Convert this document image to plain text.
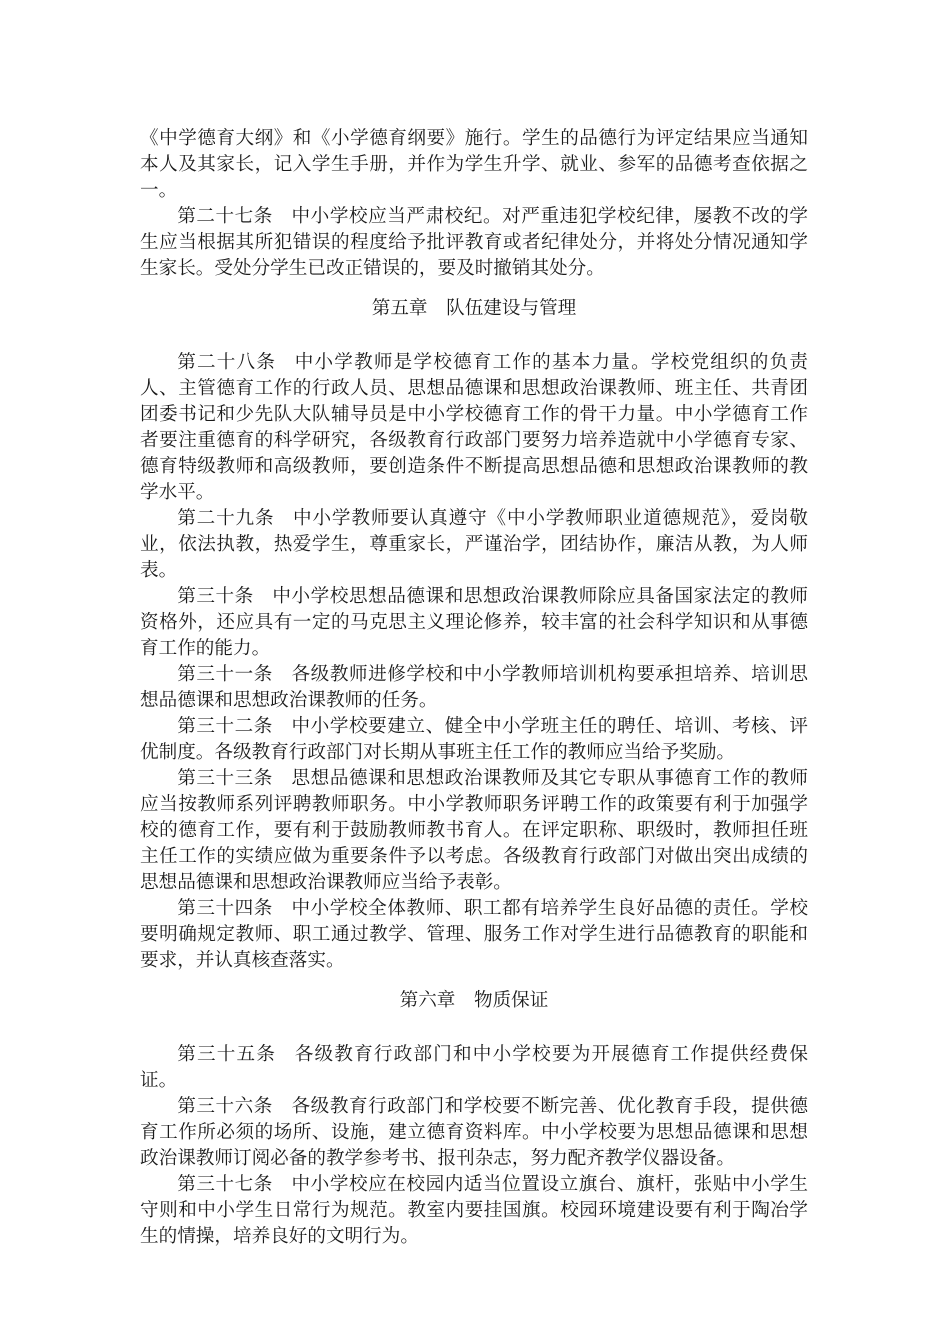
《中学德育大纲》和《小学德育纲要》施行。学生的品德行为评定结果应当通知本人及其家长，记入学生手册，并作为学生升学、就业、参军的品德考查依据之一。

第二十七条 中小学校应当严肃校纪。对严重违犯学校纪律，屡教不改的学生应当根据其所犯错误的程度给予批评教育或者纪律处分，并将处分情况通知学生家长。受处分学生已改正错误的，要及时撤销其处分。

第五章　队伍建设与管理

第二十八条 中小学教师是学校德育工作的基本力量。学校党组织的负责人、主管德育工作的行政人员、思想品德课和思想政治课教师、班主任、共青团团委书记和少先队大队辅导员是中小学校德育工作的骨干力量。中小学德育工作者要注重德育的科学研究，各级教育行政部门要努力培养造就中小学德育专家、德育特级教师和高级教师，要创造条件不断提高思想品德和思想政治课教师的教学水平。

第二十九条 中小学教师要认真遵守《中小学教师职业道德规范》，爱岗敬业，依法执教，热爱学生，尊重家长，严谨治学，团结协作，廉洁从教，为人师表。

第三十条 中小学校思想品德课和思想政治课教师除应具备国家法定的教师资格外，还应具有一定的马克思主义理论修养，较丰富的社会科学知识和从事德育工作的能力。

第三十一条 各级教师进修学校和中小学教师培训机构要承担培养、培训思想品德课和思想政治课教师的任务。

第三十二条 中小学校要建立、健全中小学班主任的聘任、培训、考核、评优制度。各级教育行政部门对长期从事班主任工作的教师应当给予奖励。

第三十三条 思想品德课和思想政治课教师及其它专职从事德育工作的教师应当按教师系列评聘教师职务。中小学教师职务评聘工作的政策要有利于加强学校的德育工作，要有利于鼓励教师教书育人。在评定职称、职级时，教师担任班主任工作的实绩应做为重要条件予以考虑。各级教育行政部门对做出突出成绩的思想品德课和思想政治课教师应当给予表彰。

第三十四条 中小学校全体教师、职工都有培养学生良好品德的责任。学校要明确规定教师、职工通过教学、管理、服务工作对学生进行品德教育的职能和要求，并认真核查落实。

第六章　物质保证

第三十五条 各级教育行政部门和中小学校要为开展德育工作提供经费保证。

第三十六条 各级教育行政部门和学校要不断完善、优化教育手段，提供德育工作所必须的场所、设施，建立德育资料库。中小学校要为思想品德课和思想政治课教师订阅必备的教学参考书、报刊杂志，努力配齐教学仪器设备。

第三十七条 中小学校应在校园内适当位置设立旗台、旗杆，张贴中小学生守则和中小学生日常行为规范。教室内要挂国旗。校园环境建设要有利于陶冶学生的情操，培养良好的文明行为。
